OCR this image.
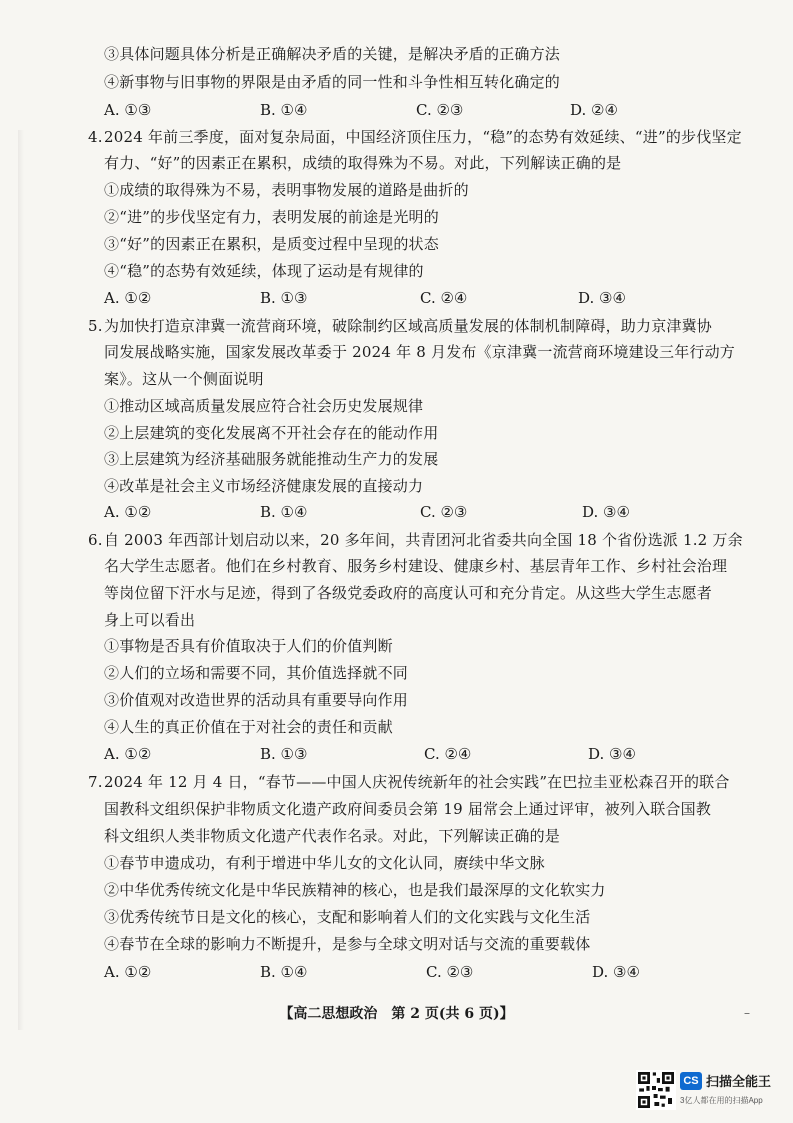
③具体问题具体分析是正确解决矛盾的关键，是解决矛盾的正确方法
④新事物与旧事物的界限是由矛盾的同一性和斗争性相互转化确定的
A. ①③	B. ①④	C. ②③	D. ②④
4.2024 年前三季度，面对复杂局面，中国经济顶住压力，“稳”的态势有效延续、“进”的步伐坚定
有力、“好”的因素正在累积，成绩的取得殊为不易。对此，下列解读正确的是
①成绩的取得殊为不易，表明事物发展的道路是曲折的
②“进”的步伐坚定有力，表明发展的前途是光明的
③“好”的因素正在累积，是质变过程中呈现的状态
④“稳”的态势有效延续，体现了运动是有规律的
A. ①②	B. ①③	C. ②④	D. ③④
5.为加快打造京津冀一流营商环境，破除制约区域高质量发展的体制机制障碍，助力京津冀协
同发展战略实施，国家发展改革委于 2024 年 8 月发布《京津冀一流营商环境建设三年行动方
案》。这从一个侧面说明
①推动区域高质量发展应符合社会历史发展规律
②上层建筑的变化发展离不开社会存在的能动作用
③上层建筑为经济基础服务就能推动生产力的发展
④改革是社会主义市场经济健康发展的直接动力
A. ①②	B. ①④	C. ②③	D. ③④
6.自 2003 年西部计划启动以来，20 多年间，共青团河北省委共向全国 18 个省份选派 1.2 万余
名大学生志愿者。他们在乡村教育、服务乡村建设、健康乡村、基层青年工作、乡村社会治理
等岗位留下汗水与足迹，得到了各级党委政府的高度认可和充分肯定。从这些大学生志愿者
身上可以看出
①事物是否具有价值取决于人们的价值判断
②人们的立场和需要不同，其价值选择就不同
③价值观对改造世界的活动具有重要导向作用
④人生的真正价值在于对社会的责任和贡献
A. ①②	B. ①③	C. ②④	D. ③④
7.2024 年 12 月 4 日，“春节——中国人庆祝传统新年的社会实践”在巴拉圭亚松森召开的联合
国教科文组织保护非物质文化遗产政府间委员会第 19 届常会上通过评审，被列入联合国教
科文组织人类非物质文化遗产代表作名录。对此，下列解读正确的是
①春节申遗成功，有利于增进中华儿女的文化认同，赓续中华文脉
②中华优秀传统文化是中华民族精神的核心，也是我们最深厚的文化软实力
③优秀传统节日是文化的核心，支配和影响着人们的文化实践与文化生活
④春节在全球的影响力不断提升，是参与全球文明对话与交流的重要载体
A. ①②	B. ①④	C. ②③	D. ③④
【高二思想政治　第 2 页(共 6 页)】	–
CS 扫描全能王
3亿人都在用的扫描App
